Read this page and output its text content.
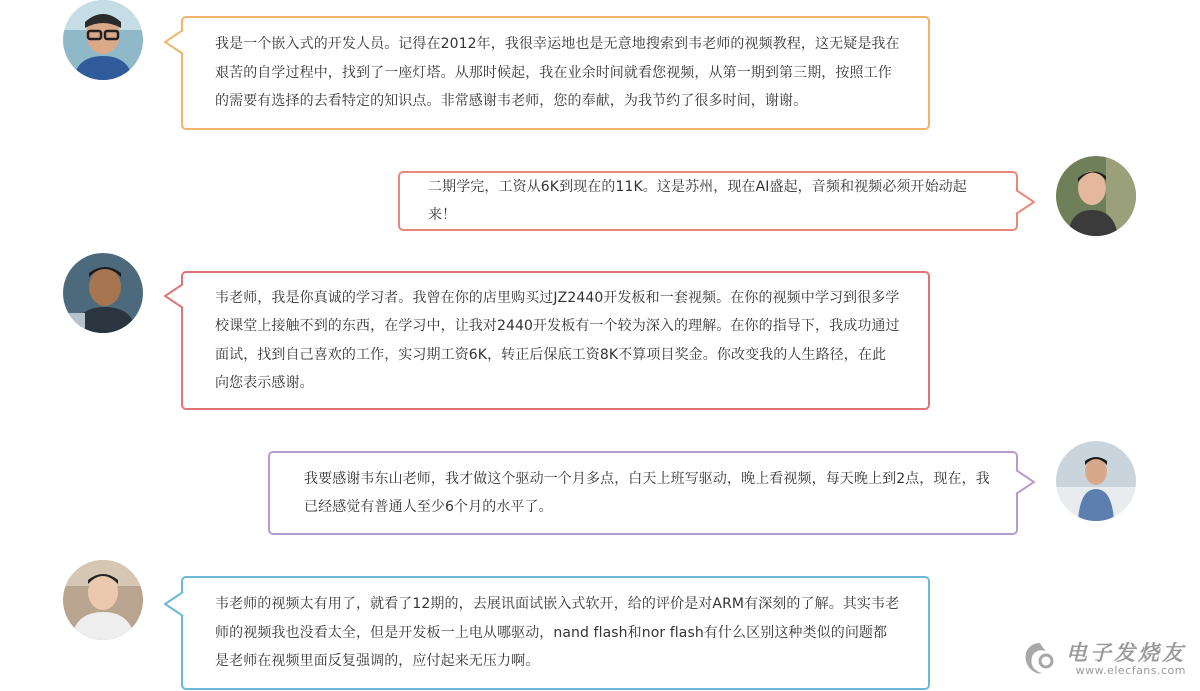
我是一个嵌入式的开发人员。记得在2012年，我很幸运地也是无意地搜索到韦老师的视频教程，这无疑是我在艰苦的自学过程中，找到了一座灯塔。从那时候起，我在业余时间就看您视频，从第一期到第三期，按照工作的需要有选择的去看特定的知识点。非常感谢韦老师，您的奉献，为我节约了很多时间，谢谢。

二期学完，工资从6K到现在的11K。这是苏州，现在AI盛起，音频和视频必须开始动起来！

韦老师，我是你真诚的学习者。我曾在你的店里购买过JZ2440开发板和一套视频。在你的视频中学习到很多学校课堂上接触不到的东西，在学习中，让我对2440开发板有一个较为深入的理解。在你的指导下，我成功通过面试，找到自己喜欢的工作，实习期工资6K，转正后保底工资8K不算项目奖金。你改变我的人生路径，在此向您表示感谢。

我要感谢韦东山老师，我才做这个驱动一个月多点，白天上班写驱动，晚上看视频，每天晚上到2点，现在，我已经感觉有普通人至少6个月的水平了。

韦老师的视频太有用了，就看了12期的，去展讯面试嵌入式软开，给的评价是对ARM有深刻的了解。其实韦老师的视频我也没看太全，但是开发板一上电从哪驱动，nand flash和nor flash有什么区别这种类似的问题都是老师在视频里面反复强调的，应付起来无压力啊。	电子发烧友
www.elecfans.com
